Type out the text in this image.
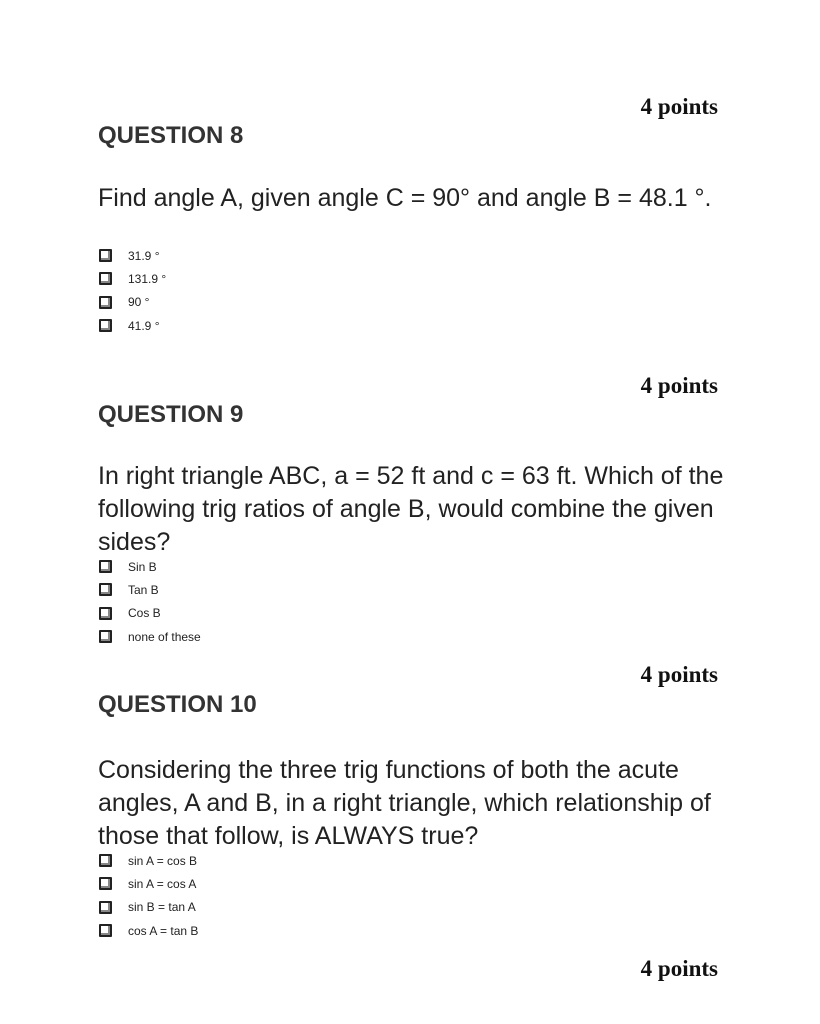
4 points
QUESTION 8

Find angle A, given angle C = 90° and angle B = 48.1 °.

31.9 °
131.9 °
90 °
41.9 °
4 points
QUESTION 9

In right triangle ABC, a = 52 ft and c = 63 ft. Which of the following trig ratios of angle B, would combine the given sides?

Sin B
Tan B
Cos B
none of these
4 points
QUESTION 10

Considering the three trig functions of both the acute angles, A and B, in a right triangle, which relationship of those that follow, is ALWAYS true?

sin A = cos B
sin A = cos A
sin B = tan A
cos A = tan B
4 points
